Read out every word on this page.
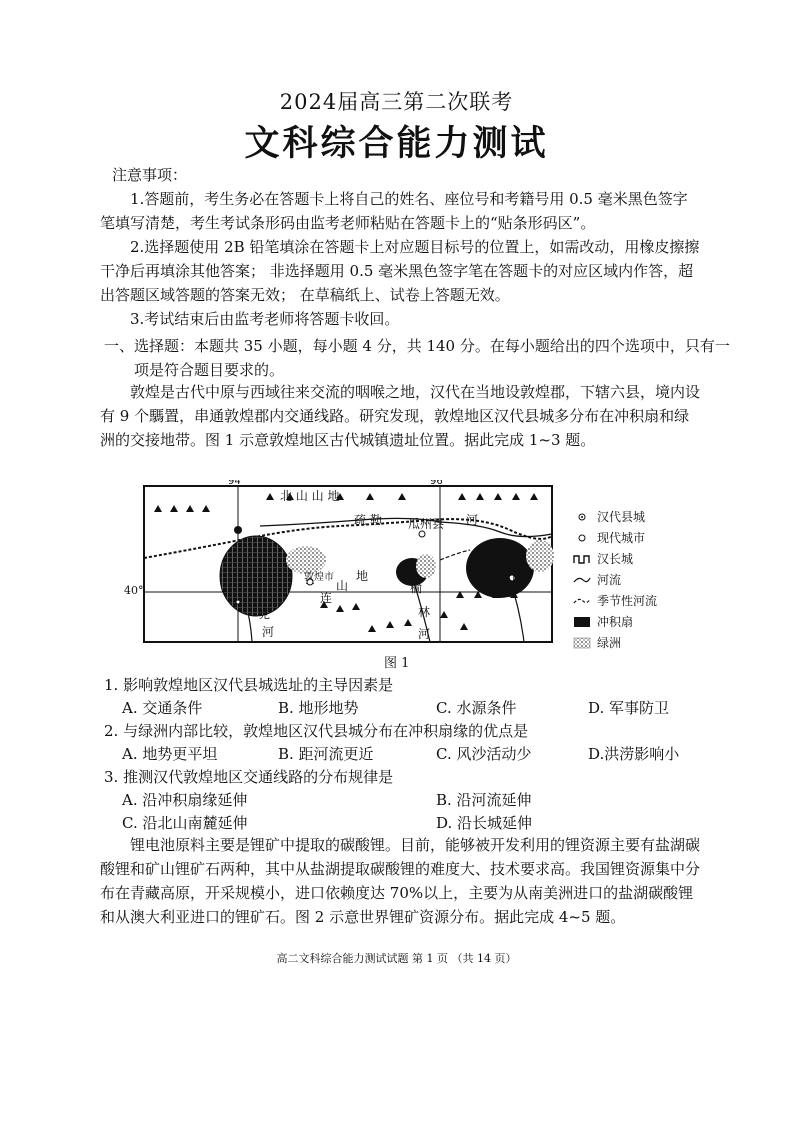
2024届高三第二次联考
文科综合能力测试
注意事项：

1.答题前，考生务必在答题卡上将自己的姓名、座位号和考籍号用 0.5 毫米黑色签字笔填写清楚，考生考试条形码由监考老师粘贴在答题卡上的“贴条形码区”。

2.选择题使用 2B 铅笔填涂在答题卡上对应题目标号的位置上，如需改动，用橡皮擦擦干净后再填涂其他答案； 非选择题用 0.5 毫米黑色签字笔在答题卡的对应区域内作答，超出答题区域答题的答案无效； 在草稿纸上、试卷上答题无效。

3.考试结束后由监考老师将答题卡收回。

一、选择题：本题共 35 小题，每小题 4 分，共 140 分。在每小题给出的四个选项中，只有一项是符合题目要求的。

敦煌是古代中原与西域往来交流的咽喉之地，汉代在当地设敦煌郡，下辖六县，境内设有 9 个騳置，串通敦煌郡内交通线路。研究发现，敦煌地区汉代县城多分布在冲积扇和绿洲的交接地带。图 1 示意敦煌地区古代城镇遗址位置。据此完成 1~3 题。

94°	96°
北 山 山 地
疏 勒 瓜州县 河
敦煌市	玉门市
山
地
连
榆
林
河
党
河
40°
汉代县城
现代城市
汉长城
河流
季节性河流
冲积扇
绿洲
图 1
1. 影响敦煌地区汉代县城选址的主导因素是
A. 交通条件	B. 地形地势	C. 水源条件	D. 军事防卫
2. 与绿洲内部比较，敦煌地区汉代县城分布在冲积扇缘的优点是
A. 地势更平坦	B. 距河流更近	C. 风沙活动少	D.洪涝影响小
3. 推测汉代敦煌地区交通线路的分布规律是
A. 沿冲积扇缘延伸	B. 沿河流延伸
C. 沿北山南麓延伸	D. 沿长城延伸

锂电池原料主要是锂矿中提取的碳酸锂。目前，能够被开发利用的锂资源主要有盐湖碳酸锂和矿山锂矿石两种，其中从盐湖提取碳酸锂的难度大、技术要求高。我国锂资源集中分布在青藏高原，开采规模小，进口依赖度达 70%以上，主要为从南美洲进口的盐湖碳酸锂和从澳大利亚进口的锂矿石。图 2 示意世界锂矿资源分布。据此完成 4~5 题。

高二文科综合能力测试试题 第 1 页 （共 14 页）
